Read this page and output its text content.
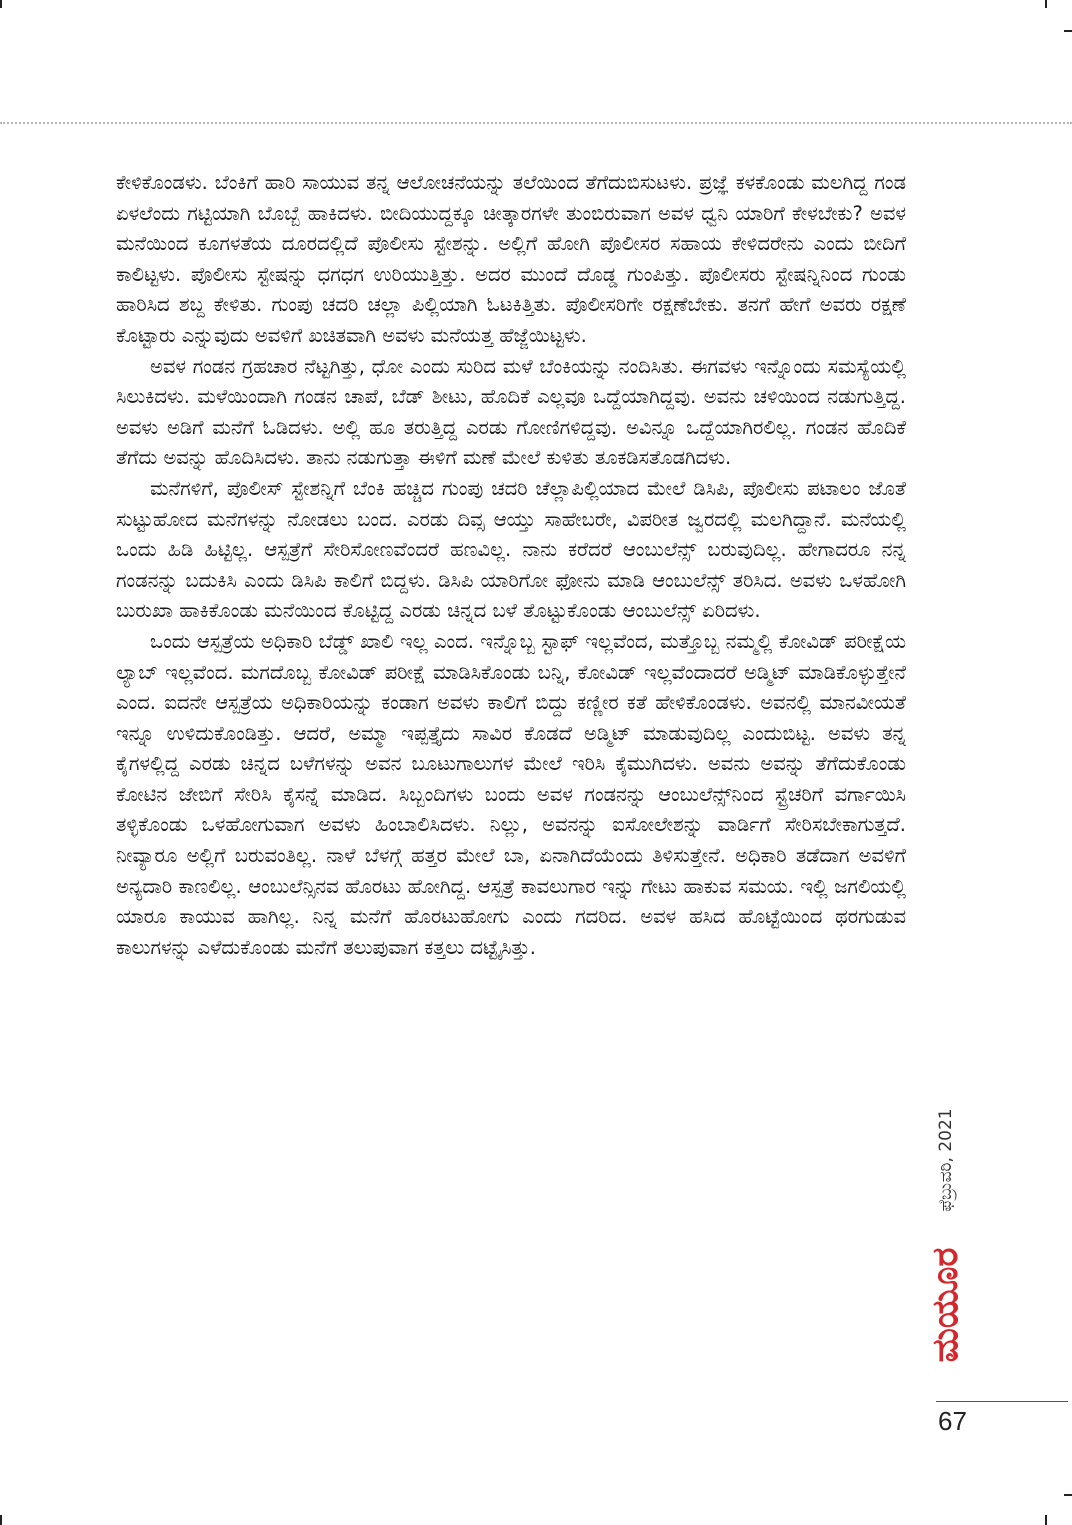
ಕೇಳಿಕೊಂಡಳು. ಬೆಂಕಿಗೆ ಹಾರಿ ಸಾಯುವ ತನ್ನ ಆಲೋಚನೆಯನ್ನು ತಲೆಯಿಂದ ತೆಗೆದುಬಿಸುಟಳು. ಪ್ರಜ್ಞೆ ಕಳಕೊಂಡು ಮಲಗಿದ್ದ ಗಂಡ ಏಳಲೆಂದು ಗಟ್ಟಿಯಾಗಿ ಬೊಬ್ಬೆ ಹಾಕಿದಳು. ಬೀದಿಯುದ್ದಕ್ಕೂ ಚೀತ್ಕಾರಗಳೇ ತುಂಬಿರುವಾಗ ಅವಳ ಧ್ವನಿ ಯಾರಿಗೆ ಕೇಳಬೇಕು? ಅವಳ ಮನೆಯಿಂದ ಕೂಗಳತೆಯ ದೂರದಲ್ಲಿದೆ ಪೊಲೀಸು ಸ್ಟೇಶನ್ನು. ಅಲ್ಲಿಗೆ ಹೋಗಿ ಪೊಲೀಸರ ಸಹಾಯ ಕೇಳಿದರೇನು ಎಂದು ಬೀದಿಗೆ ಕಾಲಿಟ್ಟಳು. ಪೊಲೀಸು ಸ್ಟೇಷನ್ನು ಧಗಧಗ ಉರಿಯುತ್ತಿತ್ತು. ಅದರ ಮುಂದೆ ದೊಡ್ಡ ಗುಂಪಿತ್ತು. ಪೊಲೀಸರು ಸ್ಟೇಷನ್ನಿನಿಂದ ಗುಂಡು ಹಾರಿಸಿದ ಶಬ್ದ ಕೇಳಿತು. ಗುಂಪು ಚದರಿ ಚಲ್ಲಾ ಪಿಲ್ಲಿಯಾಗಿ ಓಟಕಿತ್ತಿತು. ಪೊಲೀಸರಿಗೇ ರಕ್ಷಣೆಬೇಕು. ತನಗೆ ಹೇಗೆ ಅವರು ರಕ್ಷಣೆ ಕೊಟ್ಟಾರು ಎನ್ನುವುದು ಅವಳಿಗೆ ಖಚಿತವಾಗಿ ಅವಳು ಮನೆಯತ್ತ ಹೆಜ್ಜೆಯಿಟ್ಟಳು.

ಅವಳ ಗಂಡನ ಗ್ರಹಚಾರ ನೆಟ್ಟಗಿತ್ತು, ಧೋ ಎಂದು ಸುರಿದ ಮಳೆ ಬೆಂಕಿಯನ್ನು ನಂದಿಸಿತು. ಈಗವಳು ಇನ್ನೊಂದು ಸಮಸ್ಯೆಯಲ್ಲಿ ಸಿಲುಕಿದಳು. ಮಳೆಯಿಂದಾಗಿ ಗಂಡನ ಚಾಪೆ, ಬೆಡ್ ಶೀಟು, ಹೊದಿಕೆ ಎಲ್ಲವೂ ಒದ್ದೆಯಾಗಿದ್ದವು. ಅವನು ಚಳಿಯಿಂದ ನಡುಗುತ್ತಿದ್ದ. ಅವಳು ಅಡಿಗೆ ಮನೆಗೆ ಓಡಿದಳು. ಅಲ್ಲಿ ಹೂ ತರುತ್ತಿದ್ದ ಎರಡು ಗೋಣಿಗಳಿದ್ದವು. ಅವಿನ್ನೂ ಒದ್ದೆಯಾಗಿರಲಿಲ್ಲ. ಗಂಡನ ಹೊದಿಕೆ ತೆಗೆದು ಅವನ್ನು ಹೊದಿಸಿದಳು. ತಾನು ನಡುಗುತ್ತಾ ಈಳಿಗೆ ಮಣೆ ಮೇಲೆ ಕುಳಿತು ತೂಕಡಿಸತೊಡಗಿದಳು.

ಮನೆಗಳಿಗೆ, ಪೊಲೀಸ್ ಸ್ಟೇಶನ್ನಿಗೆ ಬೆಂಕಿ ಹಚ್ಚಿದ ಗುಂಪು ಚದರಿ ಚೆಲ್ಲಾಪಿಲ್ಲಿಯಾದ ಮೇಲೆ ಡಿಸಿಪಿ, ಪೊಲೀಸು ಪಟಾಲಂ ಜೊತೆ ಸುಟ್ಟುಹೋದ ಮನೆಗಳನ್ನು ನೋಡಲು ಬಂದ. ಎರಡು ದಿವ್ಸ ಆಯ್ತು ಸಾಹೇಬರೇ, ವಿಪರೀತ ಜ್ವರದಲ್ಲಿ ಮಲಗಿದ್ದಾನೆ. ಮನೆಯಲ್ಲಿ ಒಂದು ಹಿಡಿ ಹಿಟ್ಟಿಲ್ಲ. ಆಸ್ಪತ್ರೆಗೆ ಸೇರಿಸೋಣವೆಂದರೆ ಹಣವಿಲ್ಲ. ನಾನು ಕರೆದರೆ ಆಂಬುಲೆನ್ಸ್ ಬರುವುದಿಲ್ಲ. ಹೇಗಾದರೂ ನನ್ನ ಗಂಡನನ್ನು ಬದುಕಿಸಿ ಎಂದು ಡಿಸಿಪಿ ಕಾಲಿಗೆ ಬಿದ್ದಳು. ಡಿಸಿಪಿ ಯಾರಿಗೋ ಫೋನು ಮಾಡಿ ಆಂಬುಲೆನ್ಸ್ ತರಿಸಿದ. ಅವಳು ಒಳಹೋಗಿ ಬುರುಖಾ ಹಾಕಿಕೊಂಡು ಮನೆಯಿಂದ ಕೊಟ್ಟಿದ್ದ ಎರಡು ಚಿನ್ನದ ಬಳೆ ತೊಟ್ಟುಕೊಂಡು ಆಂಬುಲೆನ್ಸ್ ಏರಿದಳು.

ಒಂದು ಆಸ್ಪತ್ರೆಯ ಅಧಿಕಾರಿ ಬೆಡ್ಡ್ ಖಾಲಿ ಇಲ್ಲ ಎಂದ. ಇನ್ನೊಬ್ಬ ಸ್ಟಾಫ್ ಇಲ್ಲವೆಂದ, ಮತ್ತೊಬ್ಬ ನಮ್ಮಲ್ಲಿ ಕೋವಿಡ್ ಪರೀಕ್ಷೆಯ ಲ್ಯಾಬ್ ಇಲ್ಲವೆಂದ. ಮಗದೊಬ್ಬ ಕೋವಿಡ್ ಪರೀಕ್ಷೆ ಮಾಡಿಸಿಕೊಂಡು ಬನ್ನಿ, ಕೋವಿಡ್ ಇಲ್ಲವೆಂದಾದರೆ ಅಡ್ಮಿಟ್ ಮಾಡಿಕೊಳ್ಳುತ್ತೇನೆ ಎಂದ. ಐದನೇ ಆಸ್ಪತ್ರೆಯ ಅಧಿಕಾರಿಯನ್ನು ಕಂಡಾಗ ಅವಳು ಕಾಲಿಗೆ ಬಿದ್ದು ಕಣ್ಣೀರ ಕತೆ ಹೇಳಿಕೊಂಡಳು. ಅವನಲ್ಲಿ ಮಾನವೀಯತೆ ಇನ್ನೂ ಉಳಿದುಕೊಂಡಿತ್ತು. ಆದರೆ, ಅಮ್ಮಾ ಇಪ್ಪತ್ತೈದು ಸಾವಿರ ಕೊಡದೆ ಅಡ್ಮಿಟ್ ಮಾಡುವುದಿಲ್ಲ ಎಂದುಬಿಟ್ಟ. ಅವಳು ತನ್ನ ಕೈಗಳಲ್ಲಿದ್ದ ಎರಡು ಚಿನ್ನದ ಬಳೆಗಳನ್ನು ಅವನ ಬೂಟುಗಾಲುಗಳ ಮೇಲೆ ಇರಿಸಿ ಕೈಮುಗಿದಳು. ಅವನು ಅವನ್ನು ತೆಗೆದುಕೊಂಡು ಕೋಟಿನ ಜೇಬಿಗೆ ಸೇರಿಸಿ ಕೈಸನ್ನೆ ಮಾಡಿದ. ಸಿಬ್ಬಂದಿಗಳು ಬಂದು ಅವಳ ಗಂಡನನ್ನು ಆಂಬುಲೆನ್ಸ್‌ನಿಂದ ಸ್ಟ್ರೆಚರಿಗೆ ವರ್ಗಾಯಿಸಿ ತಳ್ಳಿಕೊಂಡು ಒಳಹೋಗುವಾಗ ಅವಳು ಹಿಂಬಾಲಿಸಿದಳು. ನಿಲ್ಲು, ಅವನನ್ನು ಐಸೋಲೇಶನ್ನು ವಾರ್ಡಿಗೆ ಸೇರಿಸಬೇಕಾಗುತ್ತದೆ. ನೀವ್ಯಾರೂ ಅಲ್ಲಿಗೆ ಬರುವಂತಿಲ್ಲ. ನಾಳೆ ಬೆಳಗ್ಗೆ ಹತ್ತರ ಮೇಲೆ ಬಾ, ಏನಾಗಿದೆಯೆಂದು ತಿಳಿಸುತ್ತೇನೆ. ಅಧಿಕಾರಿ ತಡೆದಾಗ ಅವಳಿಗೆ ಅನ್ಯದಾರಿ ಕಾಣಲಿಲ್ಲ. ಆಂಬುಲೆನ್ಸಿನವ ಹೊರಟು ಹೋಗಿದ್ದ. ಆಸ್ಪತ್ರೆ ಕಾವಲುಗಾರ ಇನ್ನು ಗೇಟು ಹಾಕುವ ಸಮಯ. ಇಲ್ಲಿ ಜಗಲಿಯಲ್ಲಿ ಯಾರೂ ಕಾಯುವ ಹಾಗಿಲ್ಲ. ನಿನ್ನ ಮನೆಗೆ ಹೊರಟುಹೋಗು ಎಂದು ಗದರಿದ. ಅವಳ ಹಸಿದ ಹೊಟ್ಟೆಯಿಂದ ಥರಗುಡುವ ಕಾಲುಗಳನ್ನು ಎಳೆದುಕೊಂಡು ಮನೆಗೆ ತಲುಪುವಾಗ ಕತ್ತಲು ದಟ್ಟೈಸಿತ್ತು.

ಫೆಬ್ರುವರಿ, 2021
ಮಯೂರ
67
